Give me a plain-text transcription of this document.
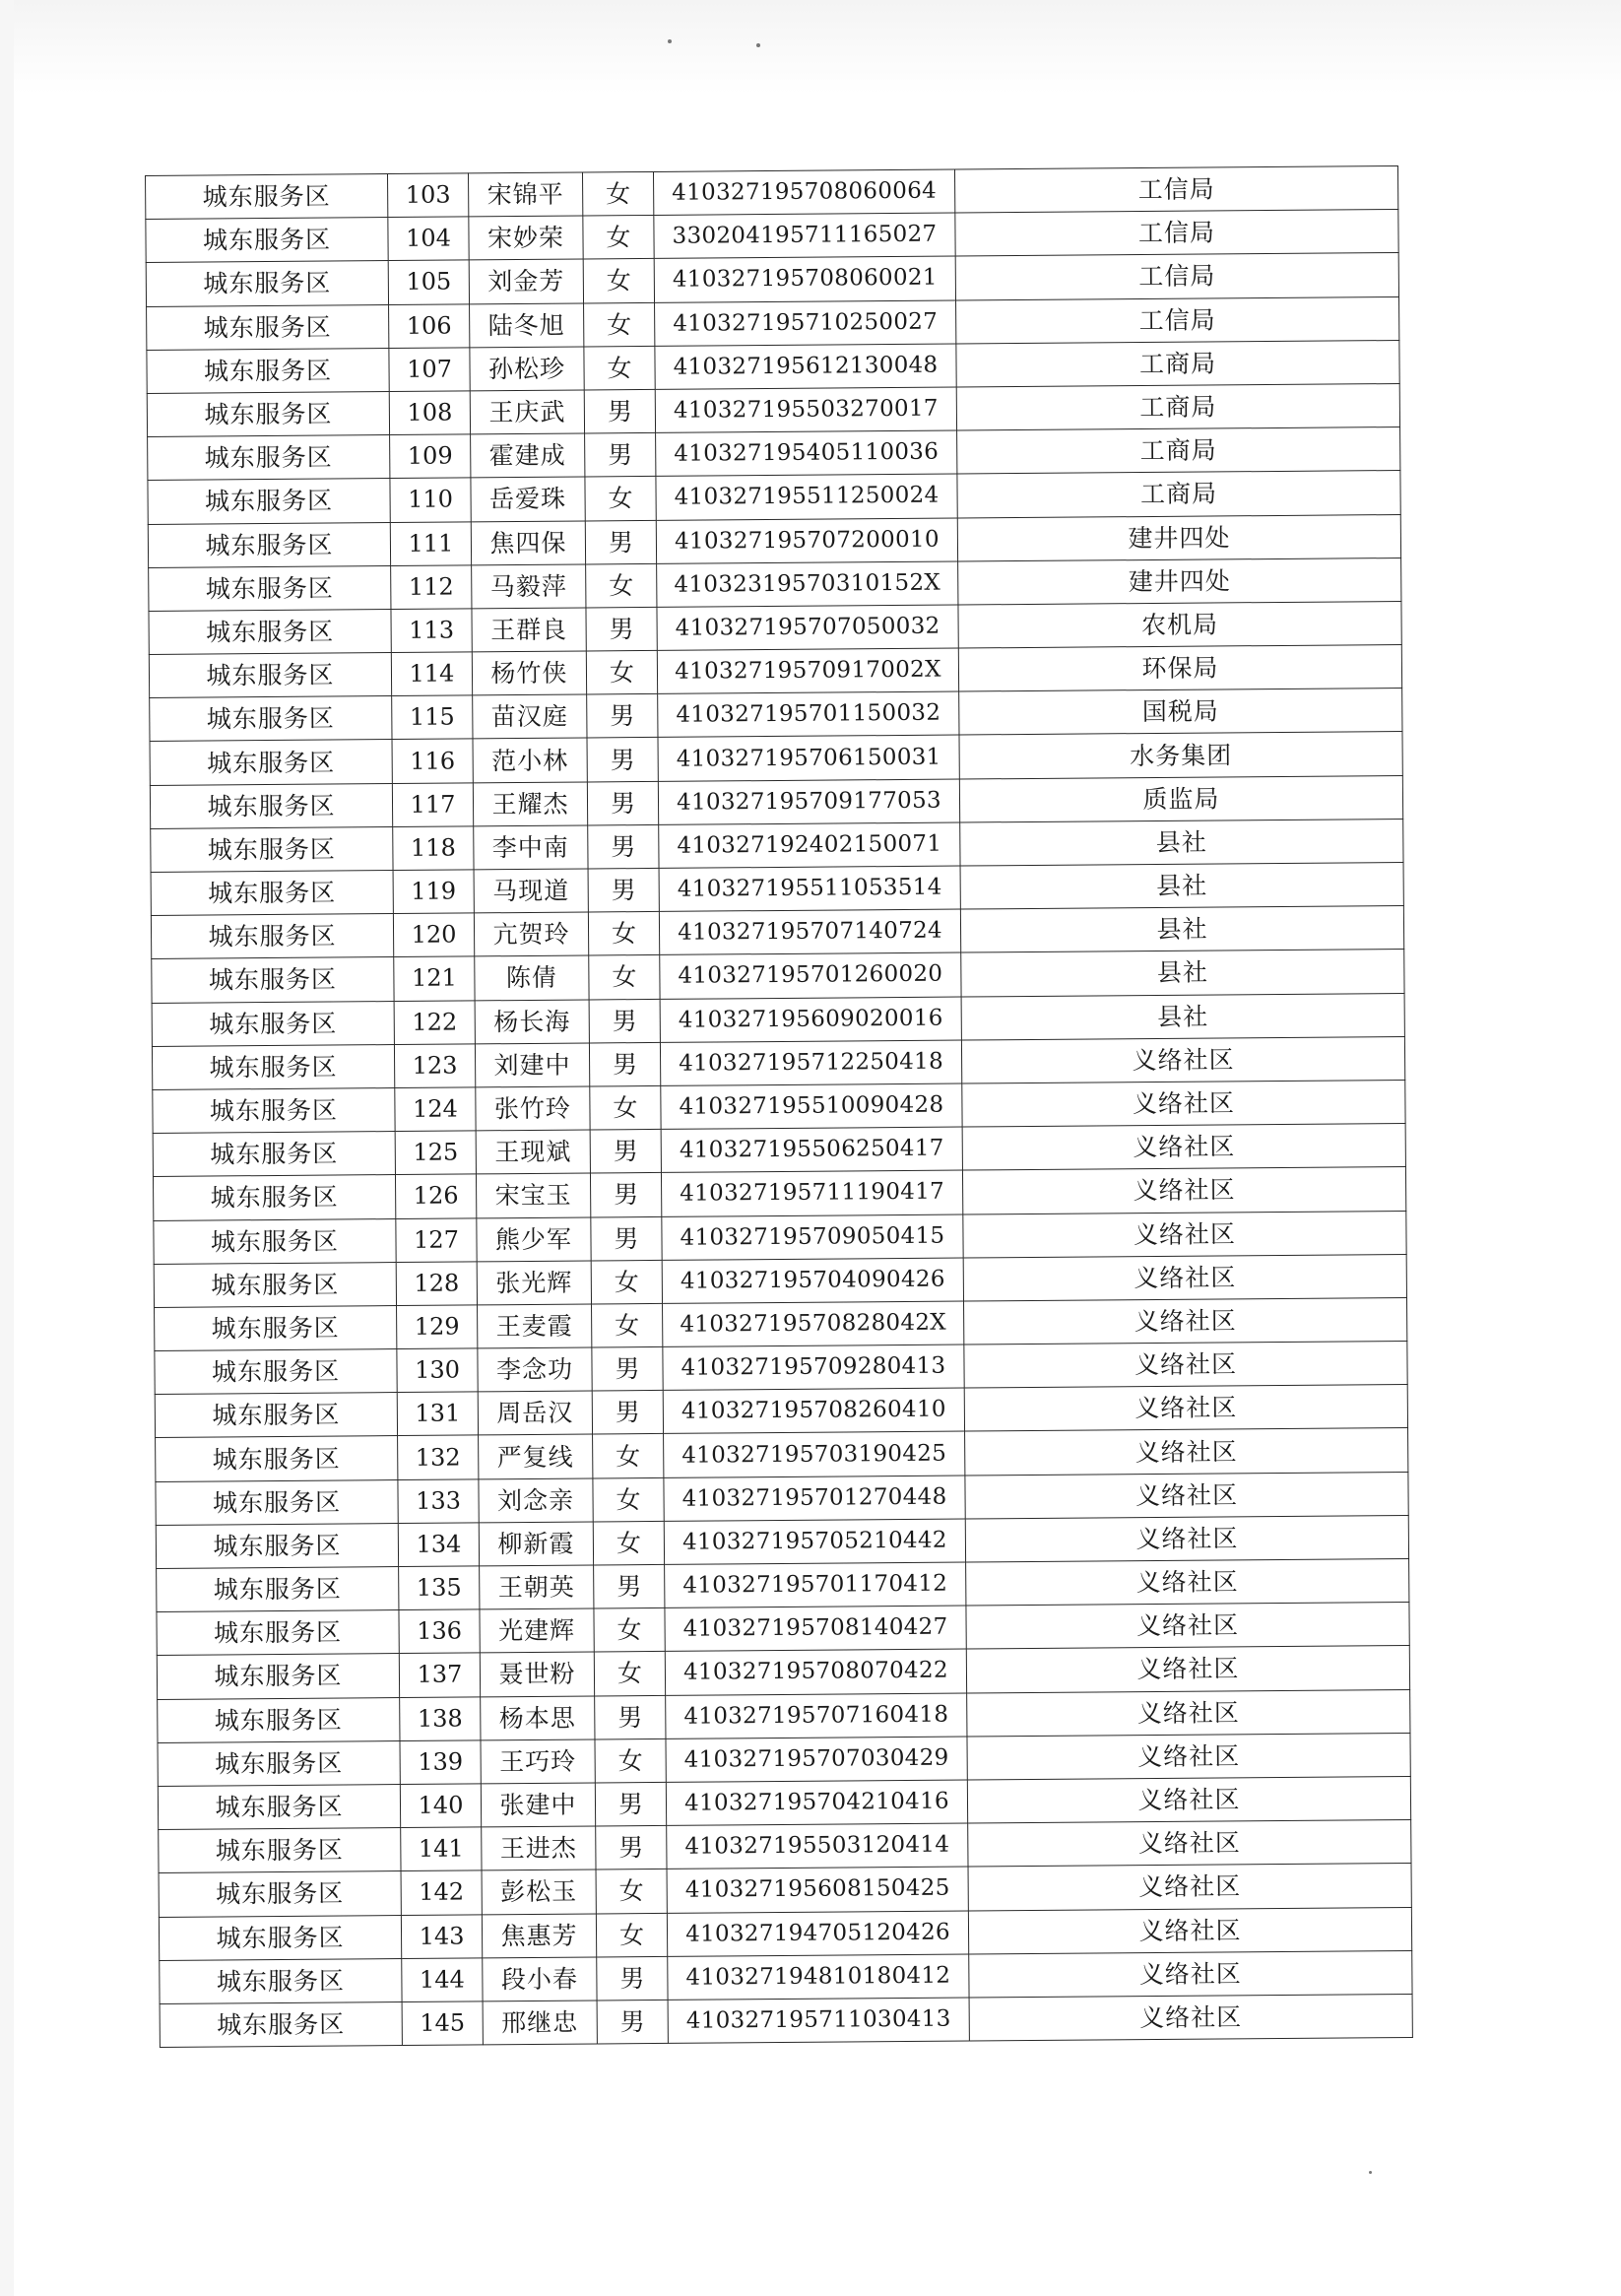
城东服务区	103	宋锦平	女	410327195708060064	工信局
城东服务区	104	宋妙荣	女	330204195711165027	工信局
城东服务区	105	刘金芳	女	410327195708060021	工信局
城东服务区	106	陆冬旭	女	410327195710250027	工信局
城东服务区	107	孙松珍	女	410327195612130048	工商局
城东服务区	108	王庆武	男	410327195503270017	工商局
城东服务区	109	霍建成	男	410327195405110036	工商局
城东服务区	110	岳爱珠	女	410327195511250024	工商局
城东服务区	111	焦四保	男	410327195707200010	建井四处
城东服务区	112	马毅萍	女	41032319570310152X	建井四处
城东服务区	113	王群良	男	410327195707050032	农机局
城东服务区	114	杨竹侠	女	41032719570917002X	环保局
城东服务区	115	苗汉庭	男	410327195701150032	国税局
城东服务区	116	范小林	男	410327195706150031	水务集团
城东服务区	117	王耀杰	男	410327195709177053	质监局
城东服务区	118	李中南	男	410327192402150071	县社
城东服务区	119	马现道	男	410327195511053514	县社
城东服务区	120	亢贺玲	女	410327195707140724	县社
城东服务区	121	陈倩	女	410327195701260020	县社
城东服务区	122	杨长海	男	410327195609020016	县社
城东服务区	123	刘建中	男	410327195712250418	义络社区
城东服务区	124	张竹玲	女	410327195510090428	义络社区
城东服务区	125	王现斌	男	410327195506250417	义络社区
城东服务区	126	宋宝玉	男	410327195711190417	义络社区
城东服务区	127	熊少军	男	410327195709050415	义络社区
城东服务区	128	张光辉	女	410327195704090426	义络社区
城东服务区	129	王麦霞	女	41032719570828042X	义络社区
城东服务区	130	李念功	男	410327195709280413	义络社区
城东服务区	131	周岳汉	男	410327195708260410	义络社区
城东服务区	132	严复线	女	410327195703190425	义络社区
城东服务区	133	刘念亲	女	410327195701270448	义络社区
城东服务区	134	柳新霞	女	410327195705210442	义络社区
城东服务区	135	王朝英	男	410327195701170412	义络社区
城东服务区	136	光建辉	女	410327195708140427	义络社区
城东服务区	137	聂世粉	女	410327195708070422	义络社区
城东服务区	138	杨本思	男	410327195707160418	义络社区
城东服务区	139	王巧玲	女	410327195707030429	义络社区
城东服务区	140	张建中	男	410327195704210416	义络社区
城东服务区	141	王进杰	男	410327195503120414	义络社区
城东服务区	142	彭松玉	女	410327195608150425	义络社区
城东服务区	143	焦惠芳	女	410327194705120426	义络社区
城东服务区	144	段小春	男	410327194810180412	义络社区
城东服务区	145	邢继忠	男	410327195711030413	义络社区
